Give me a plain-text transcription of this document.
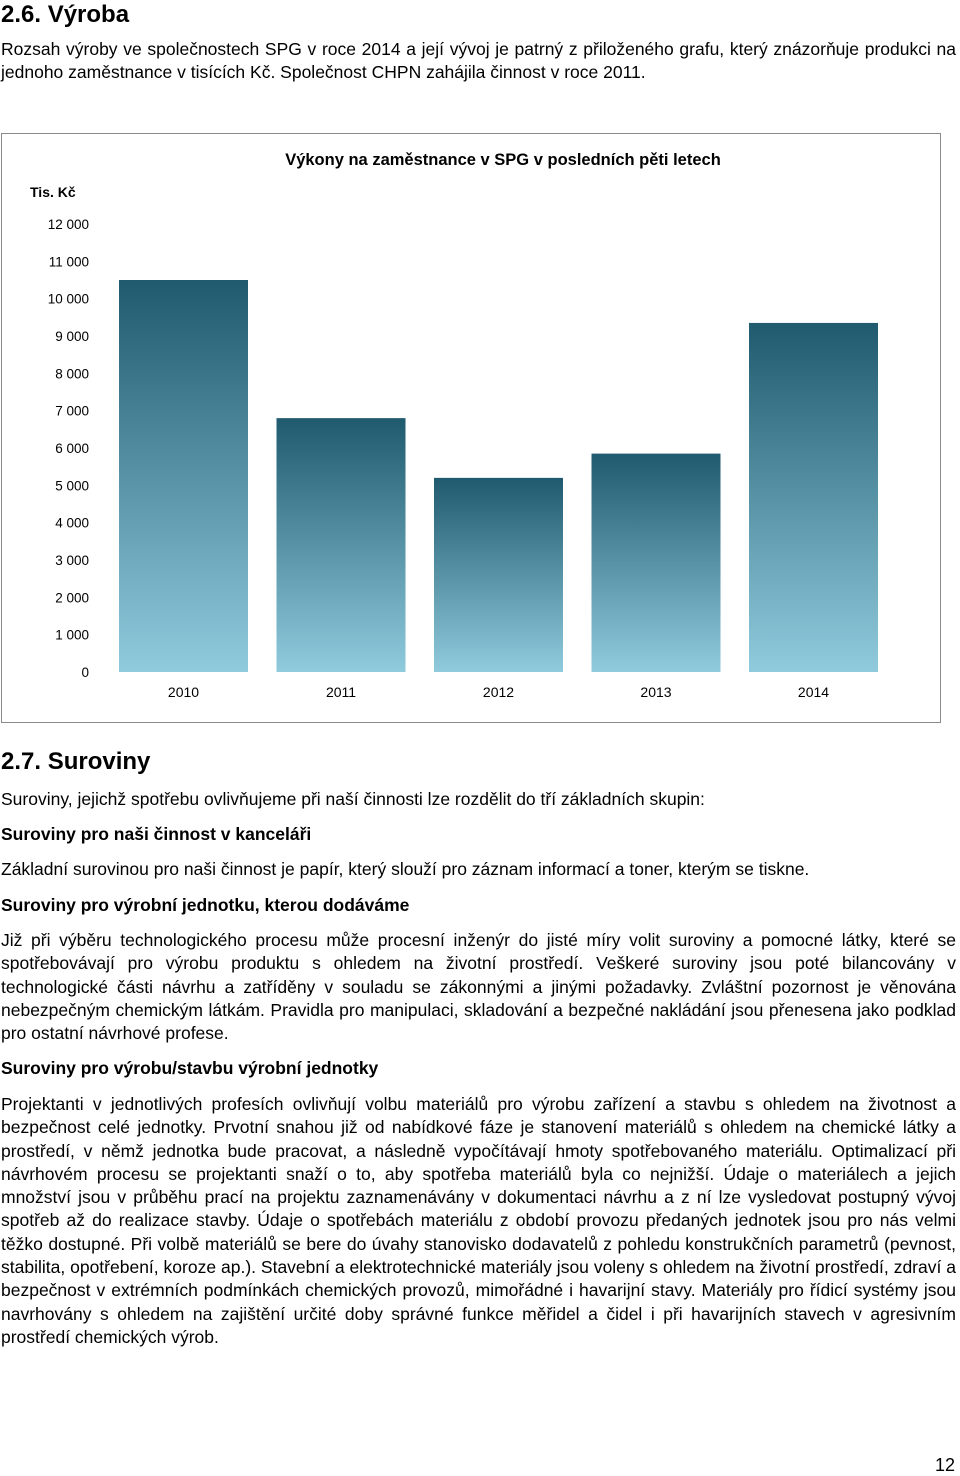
2.6. Výroba

Rozsah výroby ve společnostech SPG v roce 2014 a její vývoj je patrný z přiloženého grafu, který znázorňuje produkci na jednoho zaměstnance v tisících Kč. Společnost CHPN zahájila činnost v roce 2011.

Výkony na zaměstnance v SPG v posledních pěti letech
Tis. Kč
0
1 000
2 000
3 000
4 000
5 000
6 000
7 000
8 000
9 000
10 000
11 000
12 000
2010	2011	2012	2013	2014
2.7. Suroviny

Suroviny, jejichž spotřebu ovlivňujeme při naší činnosti lze rozdělit do tří základních skupin:

Suroviny pro naši činnost v kanceláři

Základní surovinou pro naši činnost je papír, který slouží pro záznam informací a toner, kterým se tiskne.

Suroviny pro výrobní jednotku, kterou dodáváme

Již při výběru technologického procesu může procesní inženýr do jisté míry volit suroviny a pomocné látky, které se spotřebovávají pro výrobu produktu s ohledem na životní prostředí. Veškeré suroviny jsou poté bilancovány v technologické části návrhu a zatříděny v souladu se zákonnými a jinými požadavky. Zvláštní pozornost je věnována nebezpečným chemickým látkám. Pravidla pro manipulaci, skladování a bezpečné nakládání jsou přenesena jako podklad pro ostatní návrhové profese.

Suroviny pro výrobu/stavbu výrobní jednotky

Projektanti v jednotlivých profesích ovlivňují volbu materiálů pro výrobu zařízení a stavbu s ohledem na životnost a bezpečnost celé jednotky. Prvotní snahou již od nabídkové fáze je stanovení materiálů s ohledem na chemické látky a prostředí, v němž jednotka bude pracovat, a následně vypočítávají hmoty spotřebovaného materiálu. Optimalizací při návrhovém procesu se projektanti snaží o to, aby spotřeba materiálů byla co nejnižší. Údaje o materiálech a jejich množství jsou v průběhu prací na projektu zaznamenávány v dokumentaci návrhu a z ní lze vysledovat postupný vývoj spotřeb až do realizace stavby. Údaje o spotřebách materiálu z období provozu předaných jednotek jsou pro nás velmi těžko dostupné. Při volbě materiálů se bere do úvahy stanovisko dodavatelů z pohledu konstrukčních parametrů (pevnost, stabilita, opotřebení, koroze ap.). Stavební a elektrotechnické materiály jsou voleny s ohledem na životní prostředí, zdraví a bezpečnost v extrémních podmínkách chemických provozů, mimořádné i havarijní stavy. Materiály pro řídicí systémy jsou navrhovány s ohledem na zajištění určité doby správné funkce měřidel a čidel i při havarijních stavech v agresivním prostředí chemických výrob.

12
